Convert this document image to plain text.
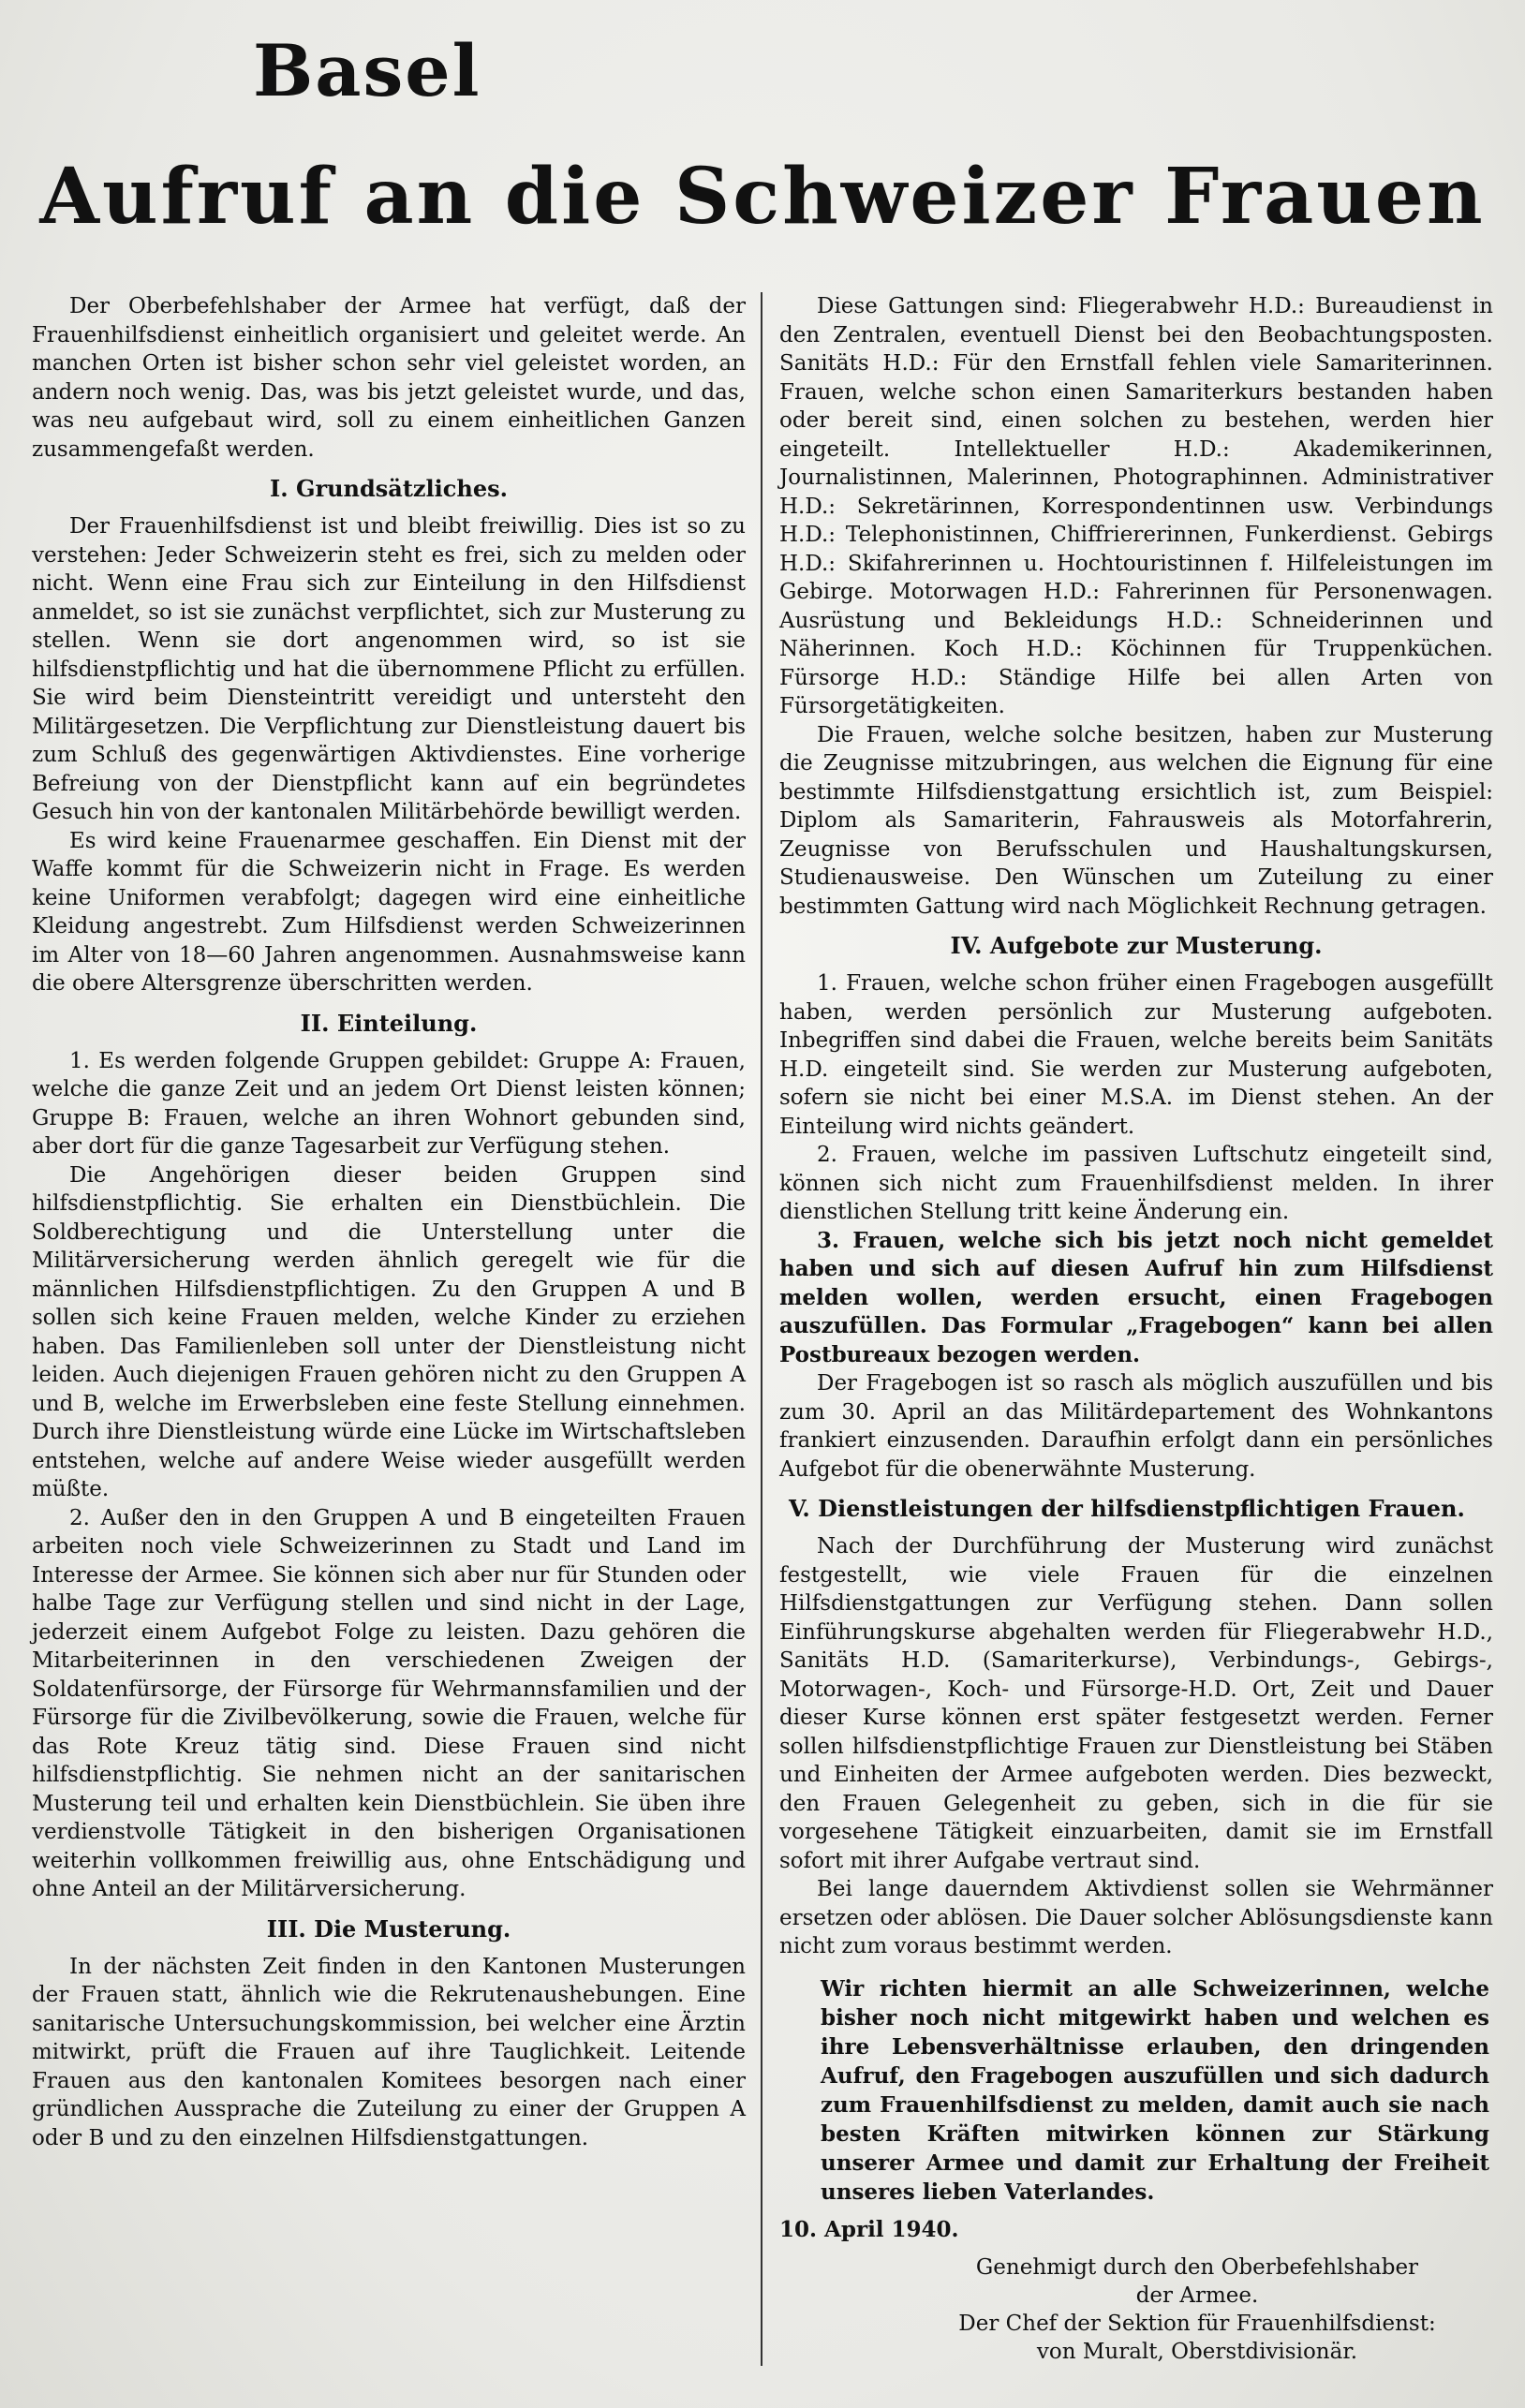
Basel
Aufruf an die Schweizer Frauen

Der Oberbefehlshaber der Armee hat verfügt, daß der Frauenhilfsdienst einheitlich organisiert und geleitet werde. An manchen Orten ist bisher schon sehr viel geleistet worden, an andern noch wenig. Das, was bis jetzt geleistet wurde, und das, was neu aufgebaut wird, soll zu einem einheitlichen Ganzen zusammengefaßt werden.

I. Grundsätzliches.

Der Frauenhilfsdienst ist und bleibt freiwillig. Dies ist so zu verstehen: Jeder Schweizerin steht es frei, sich zu melden oder nicht. Wenn eine Frau sich zur Einteilung in den Hilfsdienst anmeldet, so ist sie zunächst verpflichtet, sich zur Musterung zu stellen. Wenn sie dort angenommen wird, so ist sie hilfsdienstpflichtig und hat die übernommene Pflicht zu erfüllen. Sie wird beim Diensteintritt vereidigt und untersteht den Militärgesetzen. Die Verpflichtung zur Dienstleistung dauert bis zum Schluß des gegenwärtigen Aktivdienstes. Eine vorherige Befreiung von der Dienstpflicht kann auf ein begründetes Gesuch hin von der kantonalen Militärbehörde bewilligt werden.

Es wird keine Frauenarmee geschaffen. Ein Dienst mit der Waffe kommt für die Schweizerin nicht in Frage. Es werden keine Uniformen verabfolgt; dagegen wird eine einheitliche Kleidung angestrebt. Zum Hilfsdienst werden Schweizerinnen im Alter von 18—60 Jahren angenommen. Ausnahmsweise kann die obere Altersgrenze überschritten werden.

II. Einteilung.

1. Es werden folgende Gruppen gebildet: Gruppe A: Frauen, welche die ganze Zeit und an jedem Ort Dienst leisten können; Gruppe B: Frauen, welche an ihren Wohnort gebunden sind, aber dort für die ganze Tagesarbeit zur Verfügung stehen.

Die Angehörigen dieser beiden Gruppen sind hilfsdienstpflichtig. Sie erhalten ein Dienstbüchlein. Die Soldberechtigung und die Unterstellung unter die Militärversicherung werden ähnlich geregelt wie für die männlichen Hilfsdienstpflichtigen. Zu den Gruppen A und B sollen sich keine Frauen melden, welche Kinder zu erziehen haben. Das Familienleben soll unter der Dienstleistung nicht leiden. Auch diejenigen Frauen gehören nicht zu den Gruppen A und B, welche im Erwerbsleben eine feste Stellung einnehmen. Durch ihre Dienstleistung würde eine Lücke im Wirtschaftsleben entstehen, welche auf andere Weise wieder ausgefüllt werden müßte.

2. Außer den in den Gruppen A und B eingeteilten Frauen arbeiten noch viele Schweizerinnen zu Stadt und Land im Interesse der Armee. Sie können sich aber nur für Stunden oder halbe Tage zur Verfügung stellen und sind nicht in der Lage, jederzeit einem Aufgebot Folge zu leisten. Dazu gehören die Mitarbeiterinnen in den verschiedenen Zweigen der Soldatenfürsorge, der Fürsorge für Wehrmannsfamilien und der Fürsorge für die Zivilbevölkerung, sowie die Frauen, welche für das Rote Kreuz tätig sind. Diese Frauen sind nicht hilfsdienstpflichtig. Sie nehmen nicht an der sanitarischen Musterung teil und erhalten kein Dienstbüchlein. Sie üben ihre verdienstvolle Tätigkeit in den bisherigen Organisationen weiterhin vollkommen freiwillig aus, ohne Entschädigung und ohne Anteil an der Militärversicherung.

III. Die Musterung.

In der nächsten Zeit finden in den Kantonen Musterungen der Frauen statt, ähnlich wie die Rekrutenaushebungen. Eine sanitarische Untersuchungskommission, bei welcher eine Ärztin mitwirkt, prüft die Frauen auf ihre Tauglichkeit. Leitende Frauen aus den kantonalen Komitees besorgen nach einer gründlichen Aussprache die Zuteilung zu einer der Gruppen A oder B und zu den einzelnen Hilfsdienstgattungen.

Diese Gattungen sind: Fliegerabwehr H.D.: Bureaudienst in den Zentralen, eventuell Dienst bei den Beobachtungsposten. Sanitäts H.D.: Für den Ernstfall fehlen viele Samariterinnen. Frauen, welche schon einen Samariterkurs bestanden haben oder bereit sind, einen solchen zu bestehen, werden hier eingeteilt. Intellektueller H.D.: Akademikerinnen, Journalistinnen, Malerinnen, Photographinnen. Administrativer H.D.: Sekretärinnen, Korrespondentinnen usw. Verbindungs H.D.: Telephonistinnen, Chiffriererinnen, Funkerdienst. Gebirgs H.D.: Skifahrerinnen u. Hochtouristinnen f. Hilfeleistungen im Gebirge. Motorwagen H.D.: Fahrerinnen für Personenwagen. Ausrüstung und Bekleidungs H.D.: Schneiderinnen und Näherinnen. Koch H.D.: Köchinnen für Truppenküchen. Fürsorge H.D.: Ständige Hilfe bei allen Arten von Fürsorgetätigkeiten.

Die Frauen, welche solche besitzen, haben zur Musterung die Zeugnisse mitzubringen, aus welchen die Eignung für eine bestimmte Hilfsdienstgattung ersichtlich ist, zum Beispiel: Diplom als Samariterin, Fahrausweis als Motorfahrerin, Zeugnisse von Berufsschulen und Haushaltungskursen, Studienausweise. Den Wünschen um Zuteilung zu einer bestimmten Gattung wird nach Möglichkeit Rechnung getragen.

IV. Aufgebote zur Musterung.

1. Frauen, welche schon früher einen Fragebogen ausgefüllt haben, werden persönlich zur Musterung aufgeboten. Inbegriffen sind dabei die Frauen, welche bereits beim Sanitäts H.D. eingeteilt sind. Sie werden zur Musterung aufgeboten, sofern sie nicht bei einer M.S.A. im Dienst stehen. An der Einteilung wird nichts geändert.

2. Frauen, welche im passiven Luftschutz eingeteilt sind, können sich nicht zum Frauenhilfsdienst melden. In ihrer dienstlichen Stellung tritt keine Änderung ein.

3. Frauen, welche sich bis jetzt noch nicht gemeldet haben und sich auf diesen Aufruf hin zum Hilfsdienst melden wollen, werden ersucht, einen Fragebogen auszufüllen. Das Formular „Fragebogen“ kann bei allen Postbureaux bezogen werden.

Der Fragebogen ist so rasch als möglich auszufüllen und bis zum 30. April an das Militärdepartement des Wohnkantons frankiert einzusenden. Daraufhin erfolgt dann ein persönliches Aufgebot für die obenerwähnte Musterung.

V. Dienstleistungen der hilfsdienstpflichtigen Frauen.

Nach der Durchführung der Musterung wird zunächst festgestellt, wie viele Frauen für die einzelnen Hilfsdienstgattungen zur Verfügung stehen. Dann sollen Einführungskurse abgehalten werden für Fliegerabwehr H.D., Sanitäts H.D. (Samariterkurse), Verbindungs-, Gebirgs-, Motorwagen-, Koch- und Fürsorge-H.D. Ort, Zeit und Dauer dieser Kurse können erst später festgesetzt werden. Ferner sollen hilfsdienstpflichtige Frauen zur Dienstleistung bei Stäben und Einheiten der Armee aufgeboten werden. Dies bezweckt, den Frauen Gelegenheit zu geben, sich in die für sie vorgesehene Tätigkeit einzuarbeiten, damit sie im Ernstfall sofort mit ihrer Aufgabe vertraut sind.

Bei lange dauerndem Aktivdienst sollen sie Wehrmänner ersetzen oder ablösen. Die Dauer solcher Ablösungsdienste kann nicht zum voraus bestimmt werden.

Wir richten hiermit an alle Schweizerinnen, welche bisher noch nicht mitgewirkt haben und welchen es ihre Lebensverhältnisse erlauben, den dringenden Aufruf, den Fragebogen auszufüllen und sich dadurch zum Frauenhilfsdienst zu melden, damit auch sie nach besten Kräften mitwirken können zur Stärkung unserer Armee und damit zur Erhaltung der Freiheit unseres lieben Vaterlandes.
10. April 1940.
Genehmigt durch den Oberbefehlshaber
der Armee.
Der Chef der Sektion für Frauenhilfsdienst:
von Muralt, Oberstdivisionär.
